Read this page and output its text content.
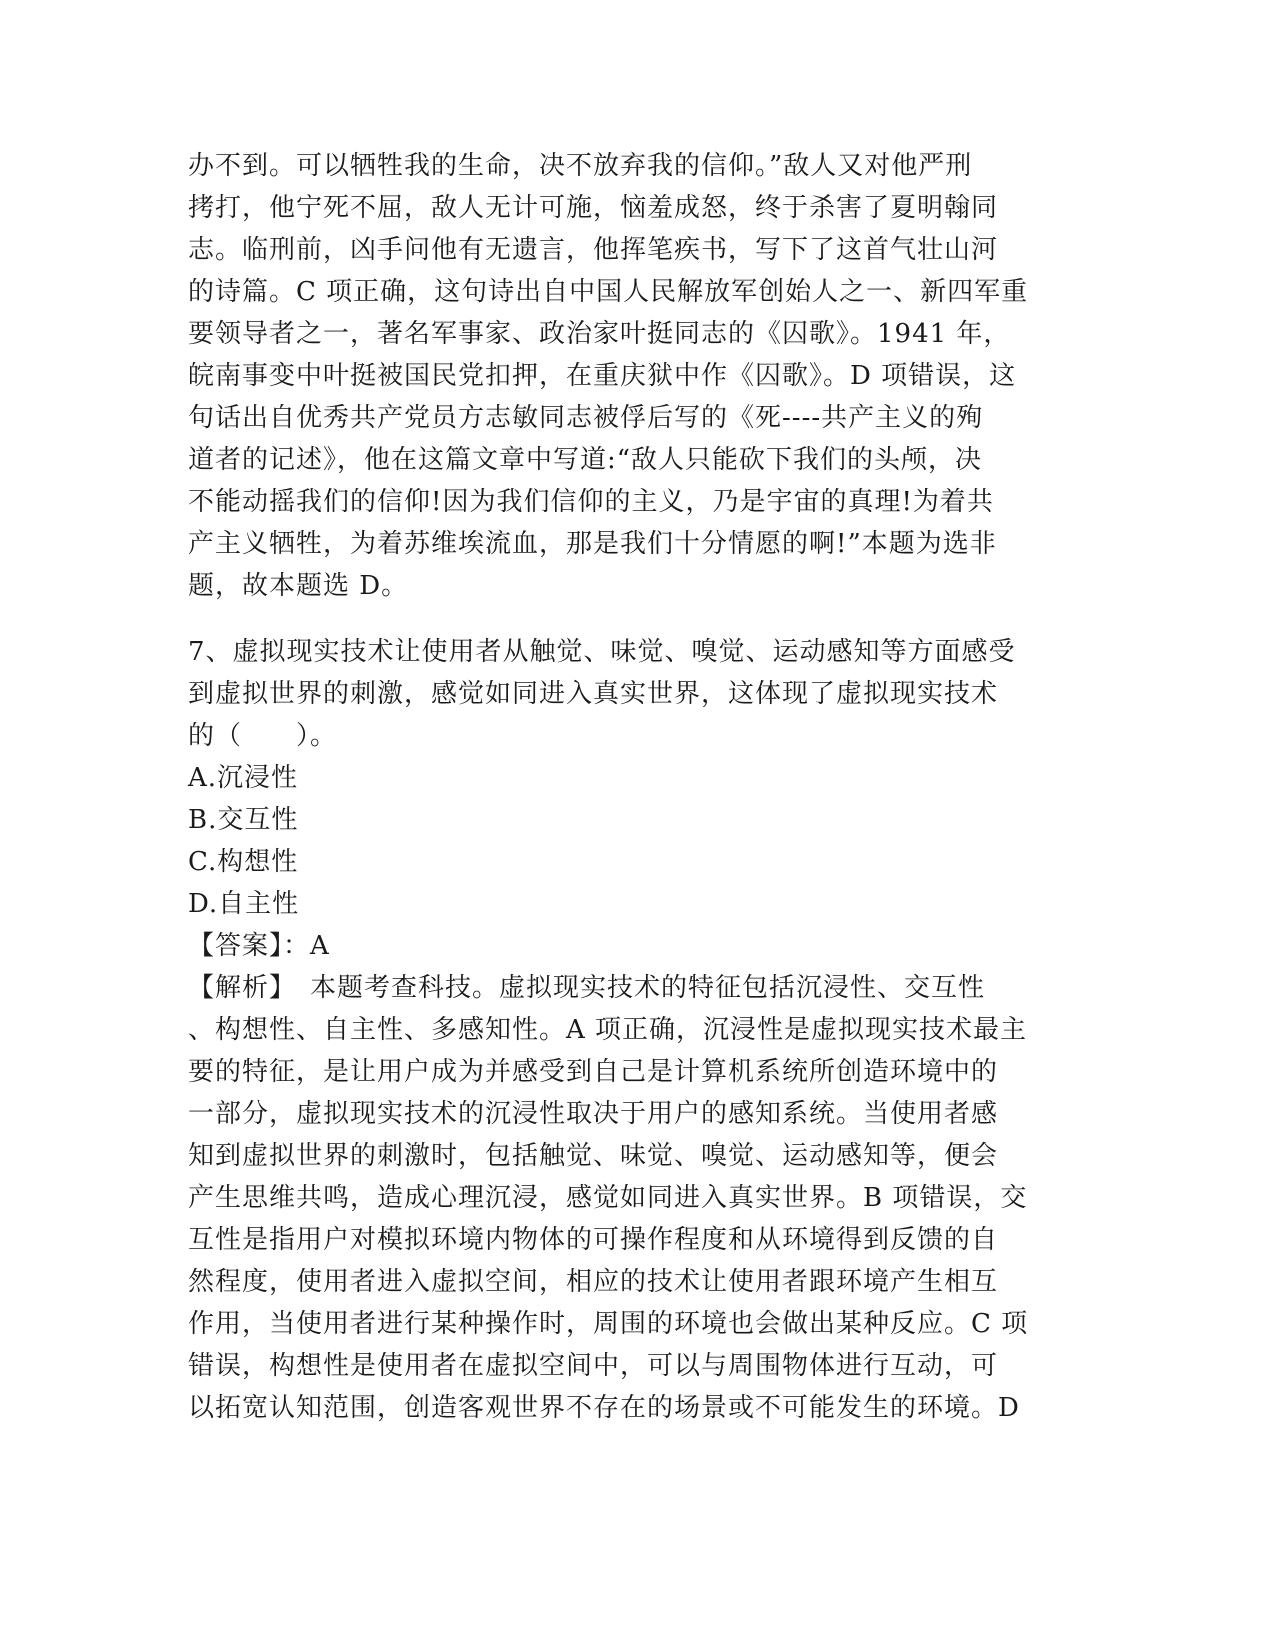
办不到。可以牺牲我的生命，决不放弃我的信仰。”敌人又对他严刑
拷打，他宁死不屈，敌人无计可施，恼羞成怒，终于杀害了夏明翰同
志。临刑前，凶手问他有无遗言，他挥笔疾书，写下了这首气壮山河
的诗篇。C 项正确，这句诗出自中国人民解放军创始人之一、新四军重
要领导者之一，著名军事家、政治家叶挺同志的《囚歌》。1941 年，
皖南事变中叶挺被国民党扣押，在重庆狱中作《囚歌》。D 项错误，这
句话出自优秀共产党员方志敏同志被俘后写的《死----共产主义的殉
道者的记述》，他在这篇文章中写道:“敌人只能砍下我们的头颅，决
不能动摇我们的信仰!因为我们信仰的主义，乃是宇宙的真理!为着共
产主义牺牲，为着苏维埃流血，那是我们十分情愿的啊!”本题为选非
题，故本题选 D。
7、虚拟现实技术让使用者从触觉、味觉、嗅觉、运动感知等方面感受
到虚拟世界的刺激，感觉如同进入真实世界，这体现了虚拟现实技术
的（　　）。
A.沉浸性
B.交互性
C.构想性
D.自主性
【答案】：A
【解析】　本题考查科技。虚拟现实技术的特征包括沉浸性、交互性
、构想性、自主性、多感知性。A 项正确，沉浸性是虚拟现实技术最主
要的特征，是让用户成为并感受到自己是计算机系统所创造环境中的
一部分，虚拟现实技术的沉浸性取决于用户的感知系统。当使用者感
知到虚拟世界的刺激时，包括触觉、味觉、嗅觉、运动感知等，便会
产生思维共鸣，造成心理沉浸，感觉如同进入真实世界。B 项错误，交
互性是指用户对模拟环境内物体的可操作程度和从环境得到反馈的自
然程度，使用者进入虚拟空间，相应的技术让使用者跟环境产生相互
作用，当使用者进行某种操作时，周围的环境也会做出某种反应。C 项
错误，构想性是使用者在虚拟空间中，可以与周围物体进行互动，可
以拓宽认知范围，创造客观世界不存在的场景或不可能发生的环境。D
